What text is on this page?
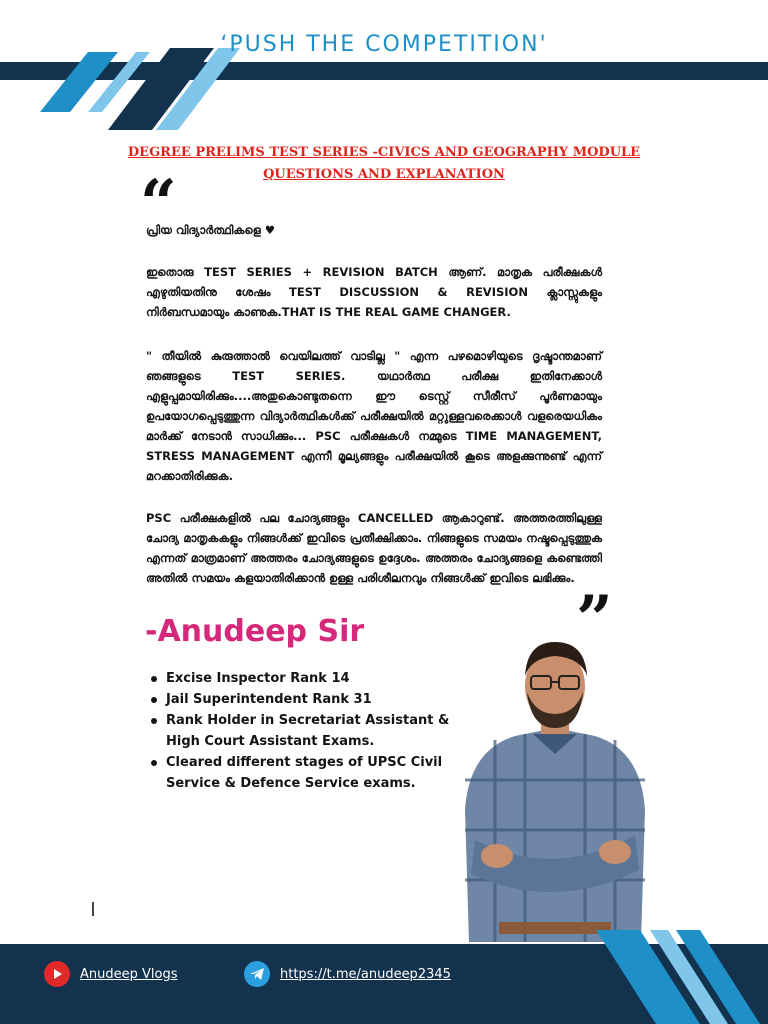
‘PUSH THE COMPETITION'
DEGREE PRELIMS TEST SERIES -CIVICS AND GEOGRAPHY MODULE
QUESTIONS AND EXPLANATION
“

പ്രിയ വിദ്യാർത്ഥികളെ ♥

ഇതൊരു TEST SERIES + REVISION BATCH ആണ്. മാതൃക പരീക്ഷകൾ എഴുതിയതിനു ശേഷം TEST DISCUSSION & REVISION ക്ലാസ്സുകളും നിർബന്ധമായും കാണുക.THAT IS THE REAL GAME CHANGER.

" തീയിൽ കുരുത്താൽ വെയിലത്ത് വാടില്ല " എന്ന പഴമൊഴിയുടെ ദൃഷ്ടാന്തമാണ് ഞങ്ങളുടെ TEST SERIES. യഥാർത്ഥ പരീക്ഷ ഇതിനേക്കാൾ എളുപ്പമായിരിക്കും....അതുകൊണ്ടുതന്നെ ഈ ടെസ്റ്റ് സീരീസ് പൂർണമായും ഉപയോഗപ്പെടുത്തുന്ന വിദ്യാർത്ഥികൾക്ക് പരീക്ഷയിൽ മറ്റുള്ളവരെക്കാൾ വളരെയധികം മാർക്ക് നേടാൻ സാധിക്കും... PSC പരീക്ഷകൾ നമ്മുടെ TIME MANAGEMENT, STRESS MANAGEMENT എന്നീ മൂല്യങ്ങളും പരീക്ഷയിൽ കൂടെ അളക്കുന്നുണ്ട് എന്ന് മറക്കാതിരിക്കുക.

PSC പരീക്ഷകളിൽ പല ചോദ്യങ്ങളും CANCELLED ആകാറുണ്ട്. അത്തരത്തിലുള്ള ചോദ്യ മാതൃകകളും നിങ്ങൾക്ക് ഇവിടെ പ്രതീക്ഷിക്കാം. നിങ്ങളുടെ സമയം നഷ്ടപ്പെടുത്തുക എന്നത് മാത്രമാണ് അത്തരം ചോദ്യങ്ങളുടെ ഉദ്ദേശം. അത്തരം ചോദ്യങ്ങളെ കണ്ടെത്തി അതിൽ സമയം കളയാതിരിക്കാൻ ഉള്ള പരിശീലനവും നിങ്ങൾക്ക് ഇവിടെ ലഭിക്കും.

”
-Anudeep Sir
Excise Inspector Rank 14
Jail Superintendent Rank 31
Rank Holder in Secretariat Assistant & High Court Assistant Exams.
Cleared different stages of UPSC Civil Service & Defence Service exams.
Anudeep Vlogs	https://t.me/anudeep2345
